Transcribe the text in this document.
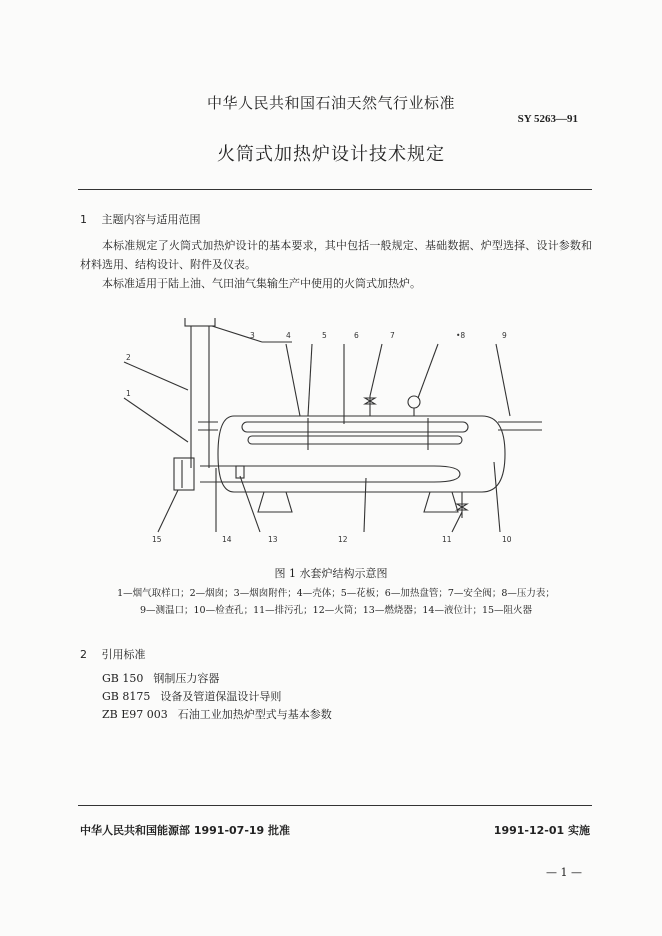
中华人民共和国石油天然气行业标准
SY 5263—91
火筒式加热炉设计技术规定
1 主题内容与适用范围
本标准规定了火筒式加热炉设计的基本要求，其中包括一般规定、基础数据、炉型选择、设计参数和材料选用、结构设计、附件及仪表。
本标准适用于陆上油、气田油气集输生产中使用的火筒式加热炉。
2
1
3	4	5	6	7	•8	9
10
11
12
13
14
15
图 1 水套炉结构示意图
1—烟气取样口；2—烟囱；3—烟囱附件；4—壳体；5—花板；6—加热盘管；7—安全阀；8—压力表；
9—测温口；10—检查孔；11—排污孔；12—火筒；13—燃烧器；14—液位计；15—阻火器
2 引用标准
GB 150 钢制压力容器
GB 8175 设备及管道保温设计导则
ZB E97 003 石油工业加热炉型式与基本参数
中华人民共和国能源部 1991-07-19 批准	1991-12-01 实施
— 1 —
